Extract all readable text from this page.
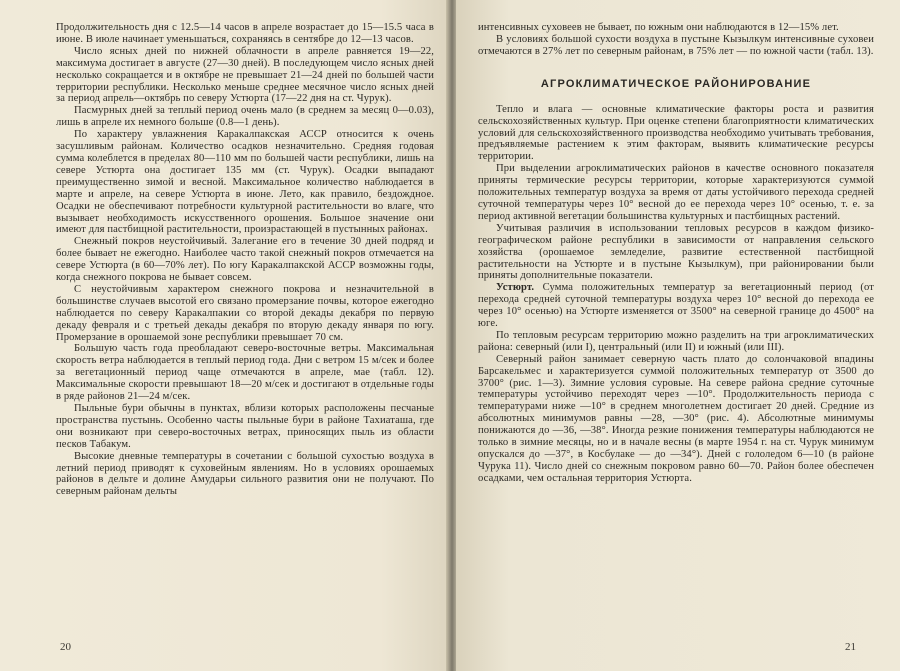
Продолжительность дня с 12.5—14 часов в апреле возрастает до 15—15.5 часа в июне. В июле начинает уменьшаться, сохраняясь в сентябре до 12—13 часов.

Число ясных дней по нижней облачности в апреле равняется 19—22, максимума достигает в августе (27—30 дней). В последующем число ясных дней несколько сокращается и в октябре не превышает 21—24 дней по большей части территории республики. Несколько меньше среднее месячное число ясных дней за период апрель—октябрь по северу Устюрта (17—22 дня на ст. Чурук).

Пасмурных дней за теплый период очень мало (в среднем за месяц 0—0.03), лишь в апреле их немного больше (0.8—1 день).

По характеру увлажнения Каракалпакская АССР относится к очень засушливым районам. Количество осадков незначительно. Средняя годовая сумма колеблется в пределах 80—110 мм по большей части республики, лишь на севере Устюрта она достигает 135 мм (ст. Чурук). Осадки выпадают преимущественно зимой и весной. Максимальное количество наблюдается в марте и апреле, на севере Устюрта в июне. Лето, как правило, бездождное. Осадки не обеспечивают потребности культурной растительности во влаге, что вызывает необходимость искусственного орошения. Большое значение они имеют для пастбищной растительности, произрастающей в пустынных районах.

Снежный покров неустойчивый. Залегание его в течение 30 дней подряд и более бывает не ежегодно. Наиболее часто такой снежный покров отмечается на севере Устюрта (в 60—70% лет). По югу Каракалпакской АССР возможны годы, когда снежного покрова не бывает совсем.

С неустойчивым характером снежного покрова и незначительной в большинстве случаев высотой его связано промерзание почвы, которое ежегодно наблюдается по северу Каракалпакии со второй декады декабря по первую декаду февраля и с третьей декады декабря по вторую декаду января по югу. Промерзание в орошаемой зоне республики превышает 70 см.

Большую часть года преобладают северо-восточные ветры. Максимальная скорость ветра наблюдается в теплый период года. Дни с ветром 15 м/сек и более за вегетационный период чаще отмечаются в апреле, мае (табл. 12). Максимальные скорости превышают 18—20 м/сек и достигают в отдельные годы в ряде районов 21—24 м/сек.

Пыльные бури обычны в пунктах, вблизи которых расположены песчаные пространства пустынь. Особенно часты пыльные бури в районе Тахиаташа, где они возникают при северо-восточных ветрах, приносящих пыль из области песков Табакум.

Высокие дневные температуры в сочетании с большой сухостью воздуха в летний период приводят к суховейным явлениям. Но в условиях орошаемых районов в дельте и долине Амударьи сильного развития они не получают. По северным районам дельты

20

интенсивных суховеев не бывает, по южным они наблюдаются в 12—15% лет.

В условиях большой сухости воздуха в пустыне Кызылкум интенсивные суховеи отмечаются в 27% лет по северным районам, в 75% лет — по южной части (табл. 13).

АГРОКЛИМАТИЧЕСКОЕ РАЙОНИРОВАНИЕ

Тепло и влага — основные климатические факторы роста и развития сельскохозяйственных культур. При оценке степени благоприятности климатических условий для сельскохозяйственного производства необходимо учитывать требования, предъявляемые растением к этим факторам, выявить климатические ресурсы территории.

При выделении агроклиматических районов в качестве основного показателя приняты термические ресурсы территории, которые характеризуются суммой положительных температур воздуха за время от даты устойчивого перехода средней суточной температуры через 10° весной до ее перехода через 10° осенью, т. е. за период активной вегетации большинства культурных и пастбищных растений.

Учитывая различия в использовании тепловых ресурсов в каждом физико-географическом районе республики в зависимости от направления сельского хозяйства (орошаемое земледелие, развитие естественной пастбищной растительности на Устюрте и в пустыне Кызылкум), при районировании были приняты дополнительные показатели.

Устюрт. Сумма положительных температур за вегетационный период (от перехода средней суточной температуры воздуха через 10° весной до перехода ее через 10° осенью) на Устюрте изменяется от 3500° на северной границе до 4500° на юге.

По тепловым ресурсам территорию можно разделить на три агроклиматических района: северный (или I), центральный (или II) и южный (или III).

Северный район занимает северную часть плато до солончаковой впадины Барсакельмес и характеризуется суммой положительных температур от 3500 до 3700° (рис. 1—3). Зимние условия суровые. На севере района средние суточные температуры устойчиво переходят через —10°. Продолжительность периода с температурами ниже —10° в среднем многолетнем достигает 20 дней. Средние из абсолютных минимумов равны —28, —30° (рис. 4). Абсолютные минимумы понижаются до —36, —38°. Иногда резкие понижения температуры наблюдаются не только в зимние месяцы, но и в начале весны (в марте 1954 г. на ст. Чурук минимум опускался до —37°, в Косбулаке — до —34°). Дней с гололедом 6—10 (в районе Чурука 11). Число дней со снежным покровом равно 60—70. Район более обеспечен осадками, чем остальная территория Устюрта.

21
